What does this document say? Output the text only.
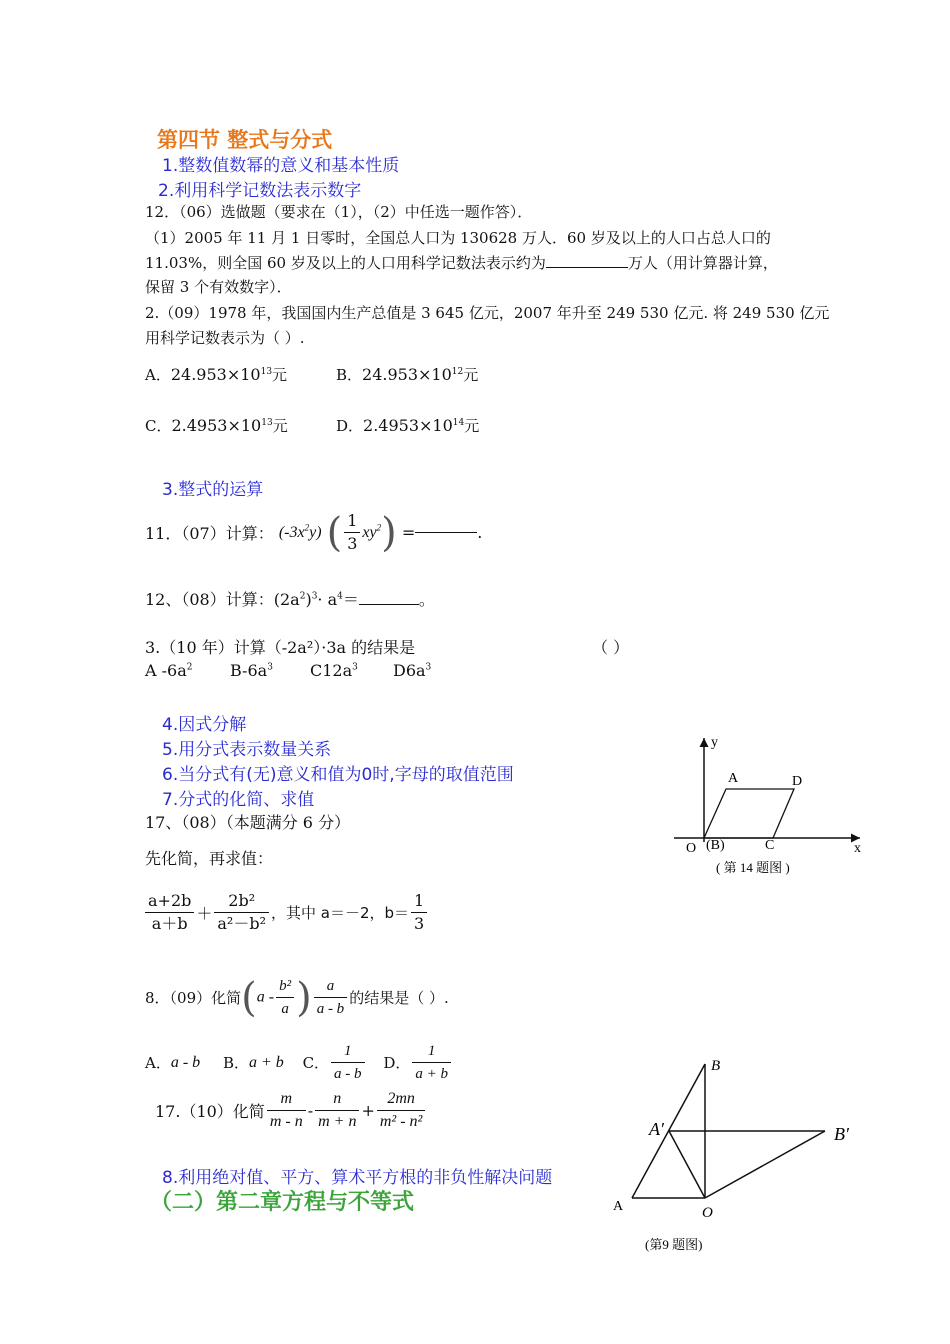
第四节 整式与分式
1.整数值数幂的意义和基本性质
2.利用科学记数法表示数字
12．（06）选做题（要求在（1），（2）中任选一题作答）．
（1）2005 年 11 月 1 日零时，全国总人口为 130628 万人．60 岁及以上的人口占总人口的
11.03%，则全国 60 岁及以上的人口用科学记数法表示约为	万人（用计算器计算，
保留 3 个有效数字）．
2.（09）1978 年，我国国内生产总值是 3 645 亿元，2007 年升至 249 530 亿元. 将 249 530 亿元
用科学记数表示为（ ）.
A．$24.953\times 10^{13}$元	B．$24.953\times 10^{12}$元
C．$2.4953\times 10^{13}$元	D．$2.4953\times 10^{14}$元
3.整式的运算
11．（07）计算： $(-3x^2y)$ ( $\frac{1}{3} xy^2$) =	.
12、（08）计算：$(2a^2)^3\cdot a^4=$	。
3.（10 年）计算（-2a²）·3a 的结果是	（ ）
A $-6a^2$ $B-6a^3$ $C12a^3$ $D6a^3$
4.因式分解
5.用分式表示数量关系
6.当分式有(无)意义和值为0时,字母的取值范围
7.分式的化简、求值
17、（08）（本题满分 6 分）
先化简，再求值：
$\frac{a+2b}{a+b} + \frac{\text{2b²}}{\text{a²－b²}}$ ，其中 a＝－2，$b= \frac{1}{3}$
8．（09）化简($a - \frac{\text{b²}}{a}$ ) $\frac{a}{a - b}$ 的结果是（ ）.
A．a - b B．a + b C． $\frac{1}{a - b}$ D． $\frac{1}{a + b}$
17.（10）化简 $\frac{m}{m - n} - \frac{n}{m + n} + \frac{2mn}{\text{m² - n²}}$
8.利用绝对值、平方、算术平方根的非负性解决问题
（二）第二章方程与不等式
y
x
A	D
O (B)	C
( 第 14 题图 )
B
A′	B′
A	O
(第9 题图)
